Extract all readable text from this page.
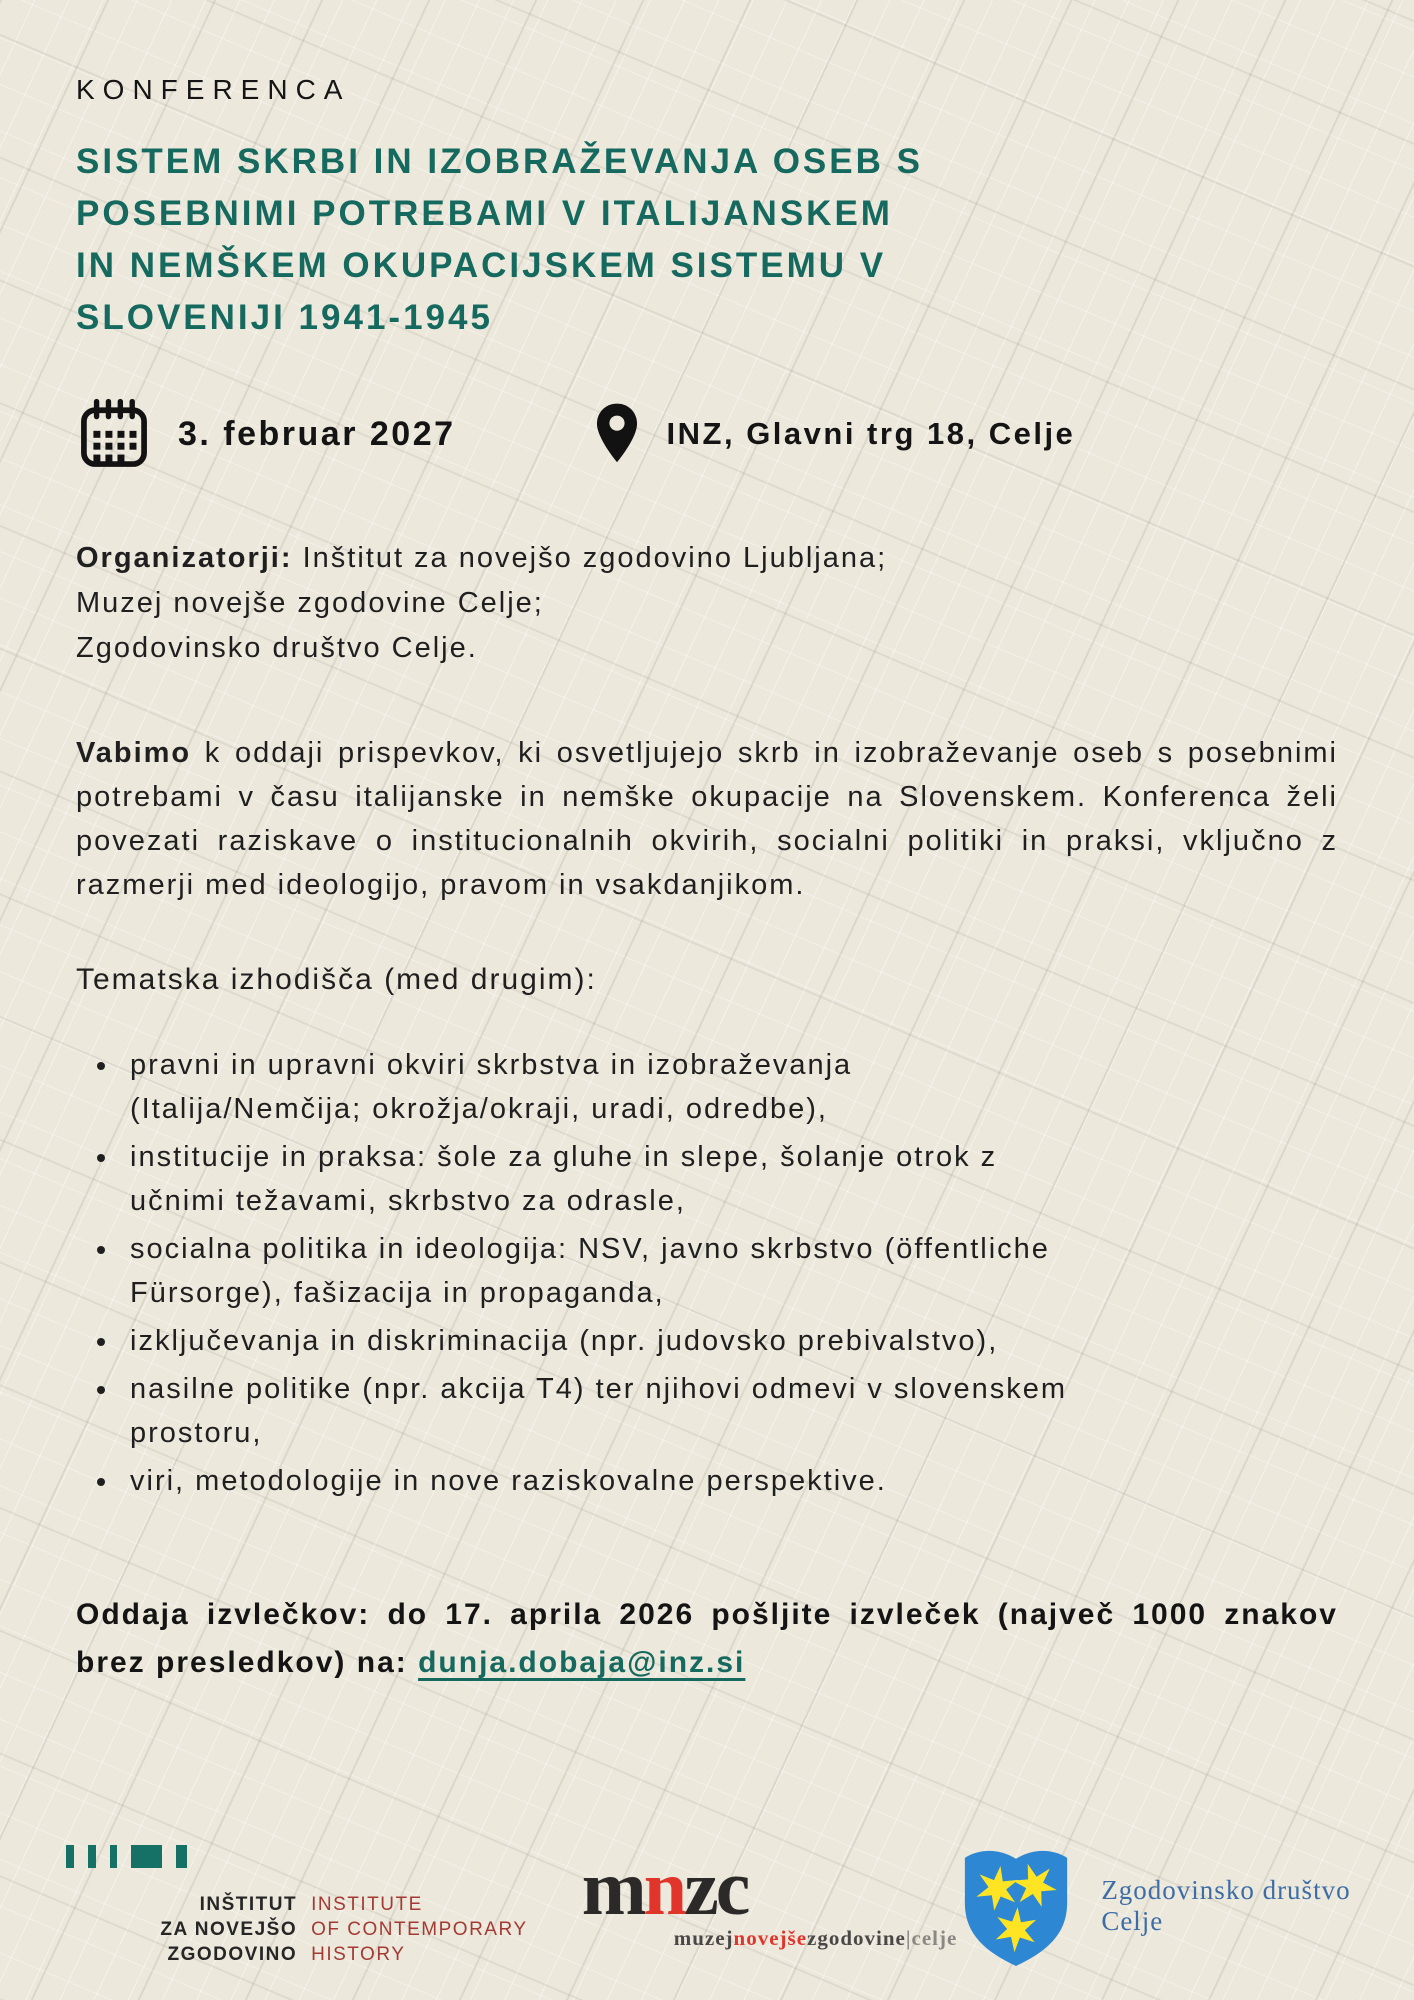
KONFERENCA
SISTEM SKRBI IN IZOBRAŽEVANJA OSEB S
POSEBNIMI POTREBAMI V ITALIJANSKEM
IN NEMŠKEM OKUPACIJSKEM SISTEMU V
SLOVENIJI 1941-1945
3. februar 2027	INZ, Glavni trg 18, Celje
Organizatorji: Inštitut za novejšo zgodovino Ljubljana;
Muzej novejše zgodovine Celje;
Zgodovinsko društvo Celje.

Vabimo k oddaji prispevkov, ki osvetljujejo skrb in izobraževanje oseb s posebnimi potrebami v času italijanske in nemške okupacije na Slovenskem. Konferenca želi povezati raziskave o institucionalnih okvirih, socialni politiki in praksi, vključno z razmerji med ideologijo, pravom in vsakdanjikom.

Tematska izhodišča (med drugim):
• pravni in upravni okviri skrbstva in izobraževanja
(Italija/Nemčija; okrožja/okraji, uradi, odredbe),
• institucije in praksa: šole za gluhe in slepe, šolanje otrok z
učnimi težavami, skrbstvo za odrasle,
• socialna politika in ideologija: NSV, javno skrbstvo (öffentliche
Fürsorge), fašizacija in propaganda,
• izključevanja in diskriminacija (npr. judovsko prebivalstvo),
• nasilne politike (npr. akcija T4) ter njihovi odmevi v slovenskem
prostoru,
• viri, metodologije in nove raziskovalne perspektive.

Oddaja izvlečkov: do 17. aprila 2026 pošljite izvleček (največ 1000 znakov brez presledkov) na: dunja.dobaja@inz.si

INŠTITUT
ZA NOVEJŠO ZGODOVINO
INSTITUTE
OF CONTEMPORARY HISTORY
mnzc
muzejnovejšezgodovine|celje
Zgodovinsko društvo Celje
